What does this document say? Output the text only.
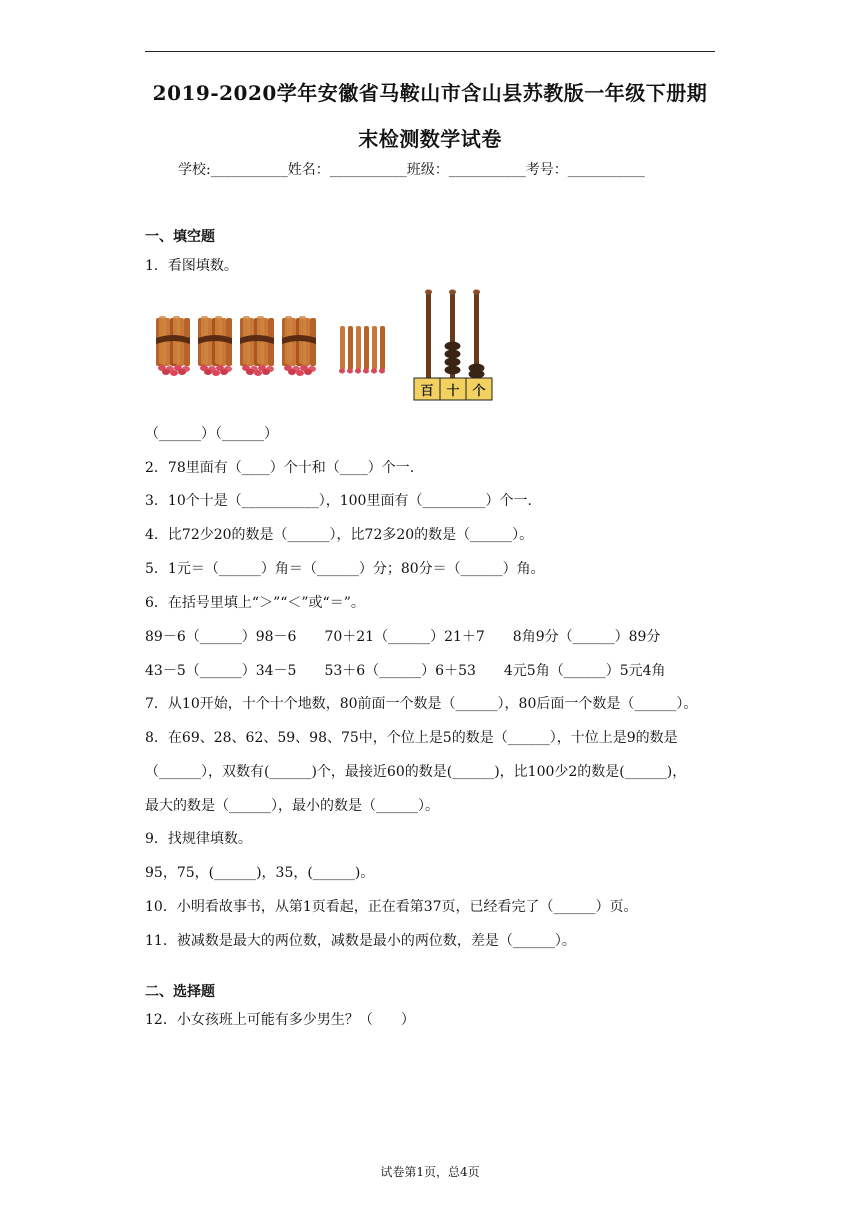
2019-2020学年安徽省马鞍山市含山县苏教版一年级下册期
末检测数学试卷
学校:___________姓名：___________班级：___________考号：___________
一、填空题
1．看图填数。
百 十 个
（______）（______）
2．78里面有（____）个十和（____）个一.
3．10个十是（___________），100里面有（_________）个一.
4．比72少20的数是（______），比72多20的数是（______）。
5．1元＝（______）角＝（______）分；80分＝（______）角。
6．在括号里填上“＞”“＜”或“＝”。
89－6（______）98－6　　70＋21（______）21＋7　　8角9分（______）89分
43－5（______）34－5　　53＋6（______）6＋53　　4元5角（______）5元4角
7．从10开始，十个十个地数，80前面一个数是（______），80后面一个数是（______）。
8．在69、28、62、59、98、75中，个位上是5的数是（______），十位上是9的数是
（______），双数有(______)个，最接近60的数是(______)，比100少2的数是(______)，
最大的数是（______），最小的数是（______）。
9．找规律填数。
95，75，(______)，35，(______)。
10．小明看故事书，从第1页看起，正在看第37页，已经看完了（______）页。
11．被减数是最大的两位数，减数是最小的两位数，差是（______）。
二、选择题
12．小女孩班上可能有多少男生？（　　）
试卷第1页，总4页
